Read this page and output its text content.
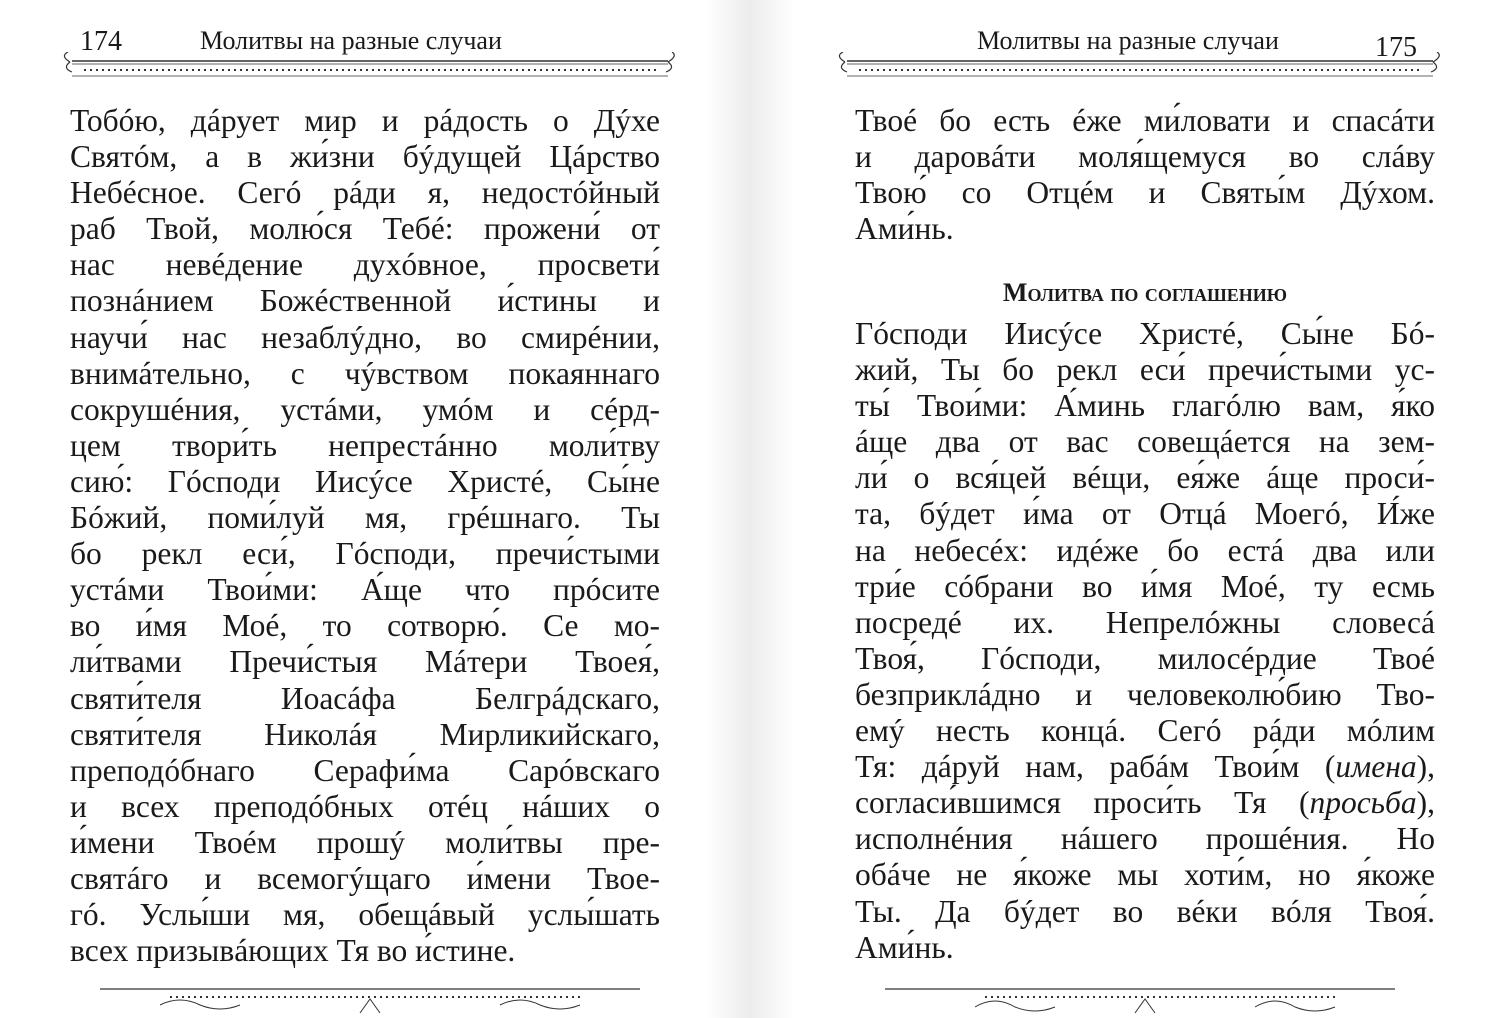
174	Молитвы на разные случаи
Тобóю, дáрует мир и рáдость о Дýхе
Святóм, а в жи́зни бýдущей Цáрство
Небéсное. Сегó рáди я, недостóйный
раб Твой, молю́ся Тебé: прожени́ от
нас невéдение духóвное, просвети́
познáнием Божéственной и́стины и
научи́ нас незаблýдно, во смирéнии,
внимáтельно, с чýвством покаяннаго
сокрушéния, устáми, умóм и сéрд-
цем твори́ть непрестáнно моли́тву
сию́: Гóсподи Иисýсе Христé, Сы́не
Бóжий, поми́луй мя, грéшнаго. Ты
бо рекл еси́, Гóсподи, пречи́стыми
устáми Твои́ми: А́ще что прóсите
во и́мя Моé, то сотворю́. Се мо-
ли́твами Пречи́стыя Мáтери Твоея́,
святи́теля Иоасáфа Белгрáдскаго,
святи́теля Николáя Мирликийскаго,
преподóбнаго Серафи́ма Сарóвскаго
и всех преподóбных отéц нáших о
и́мени Твоéм прошý моли́твы пре-
святáго и всемогýщаго и́мени Твое-
гó. Услы́ши мя, обещáвый услы́шать
всех призывáющих Тя во и́стине.
Молитвы на разные случаи	175
Твоé бо есть éже ми́ловати и спасáти
и даровáти моля́щемуся во слáву
Твою́ со Отцéм и Святы́м Дýхом.
Ами́нь.
Молитва по соглашению
Гóсподи Иисýсе Христé, Сы́не Бó-
жий, Ты бо рекл еси́ пречи́стыми ус-
ты́ Твои́ми: А́минь глагóлю вам, я́ко
áще два от вас совещáется на зем-
ли́ о вся́цей вéщи, ея́же áще проси́-
та, бýдет и́ма от Отцá Моегó, И́же
на небесéх: идéже бо естá два или
три́е сóбрани во и́мя Моé, ту есмь
посредé их. Непрелóжны словесá
Твоя́, Гóсподи, милосéрдие Твоé
безприклáдно и человеколю́бию Тво-
емý несть концá. Сегó рáди мóлим
Тя: дáруй нам, рабáм Твои́м (имена),
согласи́вшимся проси́ть Тя (просьба),
исполнéния нáшего прошéния. Но
обáче не я́коже мы хоти́м, но я́коже
Ты. Да бýдет во вéки вóля Твоя́.
Ами́нь.
